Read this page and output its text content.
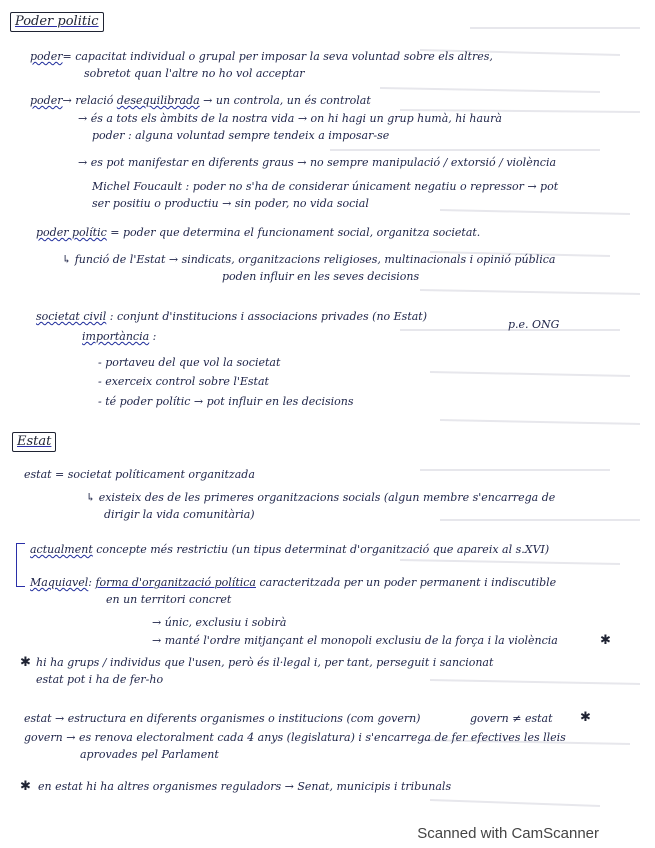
Poder politic
poder= capacitat individual o grupal per imposar la seva voluntad sobre els altres,
sobretot quan l'altre no ho vol acceptar
poder→ relació desequilibrada → un controla, un és controlat
→ és a tots els àmbits de la nostra vida → on hi hagi un grup humà, hi haurà
poder : alguna voluntad sempre tendeix a imposar-se
→ es pot manifestar en diferents graus → no sempre manipulació / extorsió / violència
Michel Foucault : poder no s'ha de considerar únicament negatiu o repressor → pot
ser positiu o productiu → sin poder, no vida social
poder polític = poder que determina el funcionament social, organitza societat.
↳ funció de l'Estat → sindicats, organitzacions religioses, multinacionals i opinió pública
poden influir en les seves decisions
societat civil : conjunt d'institucions i associacions privades (no Estat)
p.e. ONG
importància :
- portaveu del que vol la societat
- exerceix control sobre l'Estat
- té poder polític → pot influir en les decisions
Estat
estat = societat políticament organitzada
↳ existeix des de les primeres organitzacions socials (algun membre s'encarrega de
dirigir la vida comunitària)
actualment concepte més restrictiu (un tipus determinat d'organització que apareix al s.XVI)
Maquiavel: forma d'organització política caracteritzada per un poder permanent i indiscutible
en un territori concret
→ únic, exclusiu i sobirà
→ manté l'ordre mitjançant el monopoli exclusiu de la força i la violència	✱
✱ hi ha grups / individus que l'usen, però és il·legal i, per tant, perseguit i sancionat
estat pot i ha de fer-ho
estat → estructura en diferents organismes o institucions (com govern)	govern ≠ estat ✱
govern → es renova electoralment cada 4 anys (legislatura) i s'encarrega de fer efectives les lleis
aprovades pel Parlament
✱ en estat hi ha altres organismes reguladors → Senat, municipis i tribunals
Scanned with CamScanner
